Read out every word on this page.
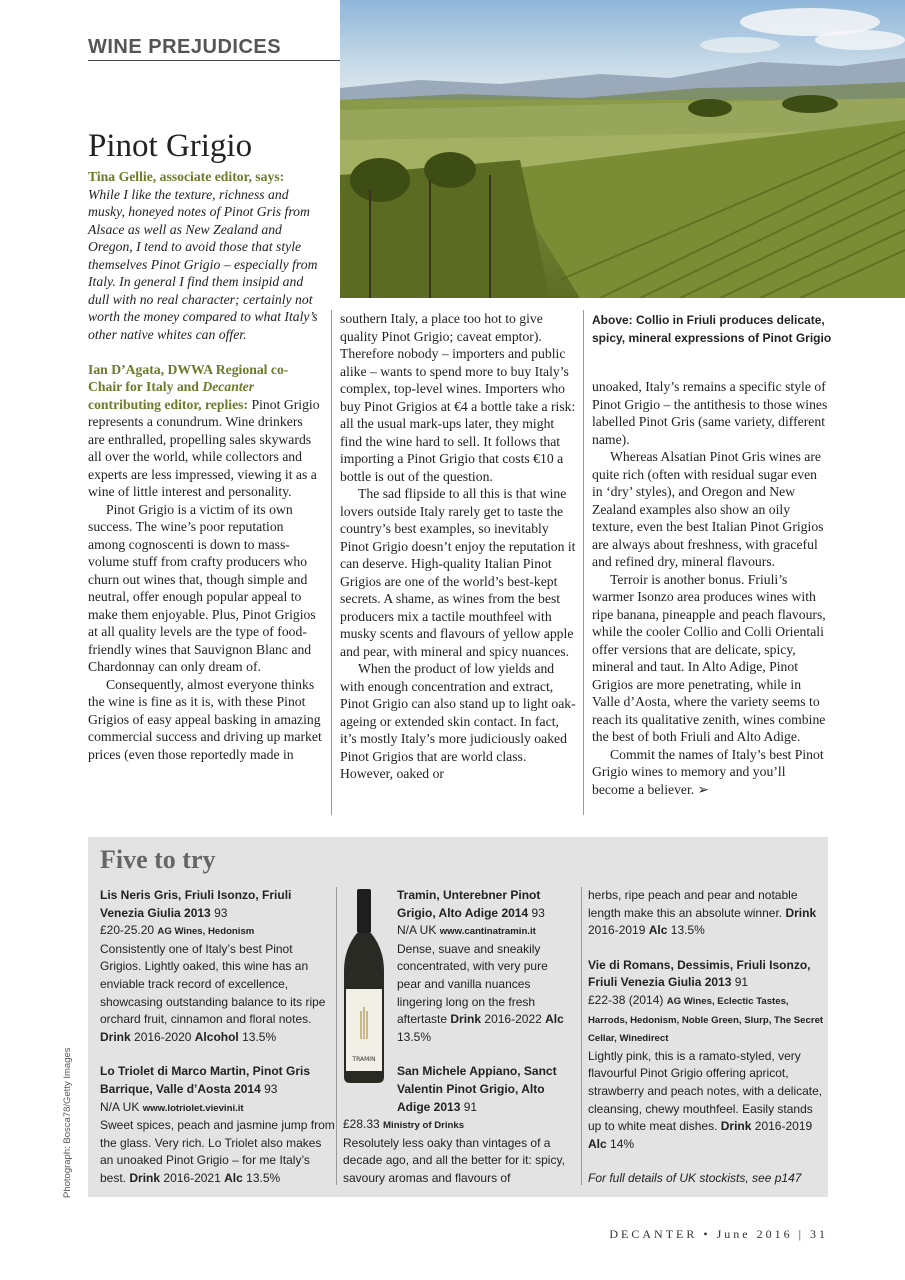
WINE PREJUDICES
Pinot Grigio

Tina Gellie, associate editor, says:

While I like the texture, richness and musky, honeyed notes of Pinot Gris from Alsace as well as New Zealand and Oregon, I tend to avoid those that style themselves Pinot Grigio – especially from Italy. In general I find them insipid and dull with no real character; certainly not worth the money compared to what Italy’s other native whites can offer.

Ian D’Agata, DWWA Regional co-Chair for Italy and Decanter contributing editor, replies: Pinot Grigio represents a conundrum. Wine drinkers are enthralled, propelling sales skywards all over the world, while collectors and experts are less impressed, viewing it as a wine of little interest and personality.

Pinot Grigio is a victim of its own success. The wine’s poor reputation among cognoscenti is down to mass-volume stuff from crafty producers who churn out wines that, though simple and neutral, offer enough popular appeal to make them enjoyable. Plus, Pinot Grigios at all quality levels are the type of food-friendly wines that Sauvignon Blanc and Chardonnay can only dream of.

Consequently, almost everyone thinks the wine is fine as it is, with these Pinot Grigios of easy appeal basking in amazing commercial success and driving up market prices (even those reportedly made in

southern Italy, a place too hot to give quality Pinot Grigio; caveat emptor). Therefore nobody – importers and public alike – wants to spend more to buy Italy’s complex, top-level wines. Importers who buy Pinot Grigios at €4 a bottle take a risk: all the usual mark-ups later, they might find the wine hard to sell. It follows that importing a Pinot Grigio that costs €10 a bottle is out of the question.

The sad flipside to all this is that wine lovers outside Italy rarely get to taste the country’s best examples, so inevitably Pinot Grigio doesn’t enjoy the reputation it can deserve. High-quality Italian Pinot Grigios are one of the world’s best-kept secrets. A shame, as wines from the best producers mix a tactile mouthfeel with musky scents and flavours of yellow apple and pear, with mineral and spicy nuances.

When the product of low yields and with enough concentration and extract, Pinot Grigio can also stand up to light oak-ageing or extended skin contact. In fact, it’s mostly Italy’s more judiciously oaked Pinot Grigios that are world class. However, oaked or

Above: Collio in Friuli produces delicate, spicy, mineral expressions of Pinot Grigio

unoaked, Italy’s remains a specific style of Pinot Grigio – the antithesis to those wines labelled Pinot Gris (same variety, different name).

Whereas Alsatian Pinot Gris wines are quite rich (often with residual sugar even in ‘dry’ styles), and Oregon and New Zealand examples also show an oily texture, even the best Italian Pinot Grigios are always about freshness, with graceful and refined dry, mineral flavours.

Terroir is another bonus. Friuli’s warmer Isonzo area produces wines with ripe banana, pineapple and peach flavours, while the cooler Collio and Colli Orientali offer versions that are delicate, spicy, mineral and taut. In Alto Adige, Pinot Grigios are more penetrating, while in Valle d’Aosta, where the variety seems to reach its qualitative zenith, wines combine the best of both Friuli and Alto Adige.

Commit the names of Italy’s best Pinot Grigio wines to memory and you’ll become a believer. ➢

Five to try

Lis Neris Gris, Friuli Isonzo, Friuli Venezia Giulia 2013 93

£20-25.20 AG Wines, Hedonism

Consistently one of Italy’s best Pinot Grigios. Lightly oaked, this wine has an enviable track record of excellence, showcasing outstanding balance to its ripe orchard fruit, cinnamon and floral notes. Drink 2016-2020 Alcohol 13.5%

Lo Triolet di Marco Martin, Pinot Gris Barrique, Valle d’Aosta 2014 93

N/A UK www.lotriolet.vievini.it

Sweet spices, peach and jasmine jump from the glass. Very rich. Lo Triolet also makes an unoaked Pinot Grigio – for me Italy’s best. Drink 2016-2021 Alc 13.5%

TRAMIN

Tramin, Unterebner Pinot Grigio, Alto Adige 2014 93

N/A UK www.cantinatramin.it

Dense, suave and sneakily concentrated, with very pure pear and vanilla nuances lingering long on the fresh aftertaste Drink 2016-2022 Alc 13.5%

San Michele Appiano, Sanct Valentin Pinot Grigio, Alto Adige 2013 91

£28.33 Ministry of Drinks

Resolutely less oaky than vintages of a decade ago, and all the better for it: spicy, savoury aromas and flavours of

herbs, ripe peach and pear and notable length make this an absolute winner. Drink 2016-2019 Alc 13.5%

Vie di Romans, Dessimis, Friuli Isonzo, Friuli Venezia Giulia 2013 91

£22-38 (2014) AG Wines, Eclectic Tastes, Harrods, Hedonism, Noble Green, Slurp, The Secret Cellar, Winedirect

Lightly pink, this is a ramato-styled, very flavourful Pinot Grigio offering apricot, strawberry and peach notes, with a delicate, cleansing, chewy mouthfeel. Easily stands up to white meat dishes. Drink 2016-2019 Alc 14%

For full details of UK stockists, see p147

Photograph: Bosca78/Getty Images
DECANTER • June 2016 | 31
